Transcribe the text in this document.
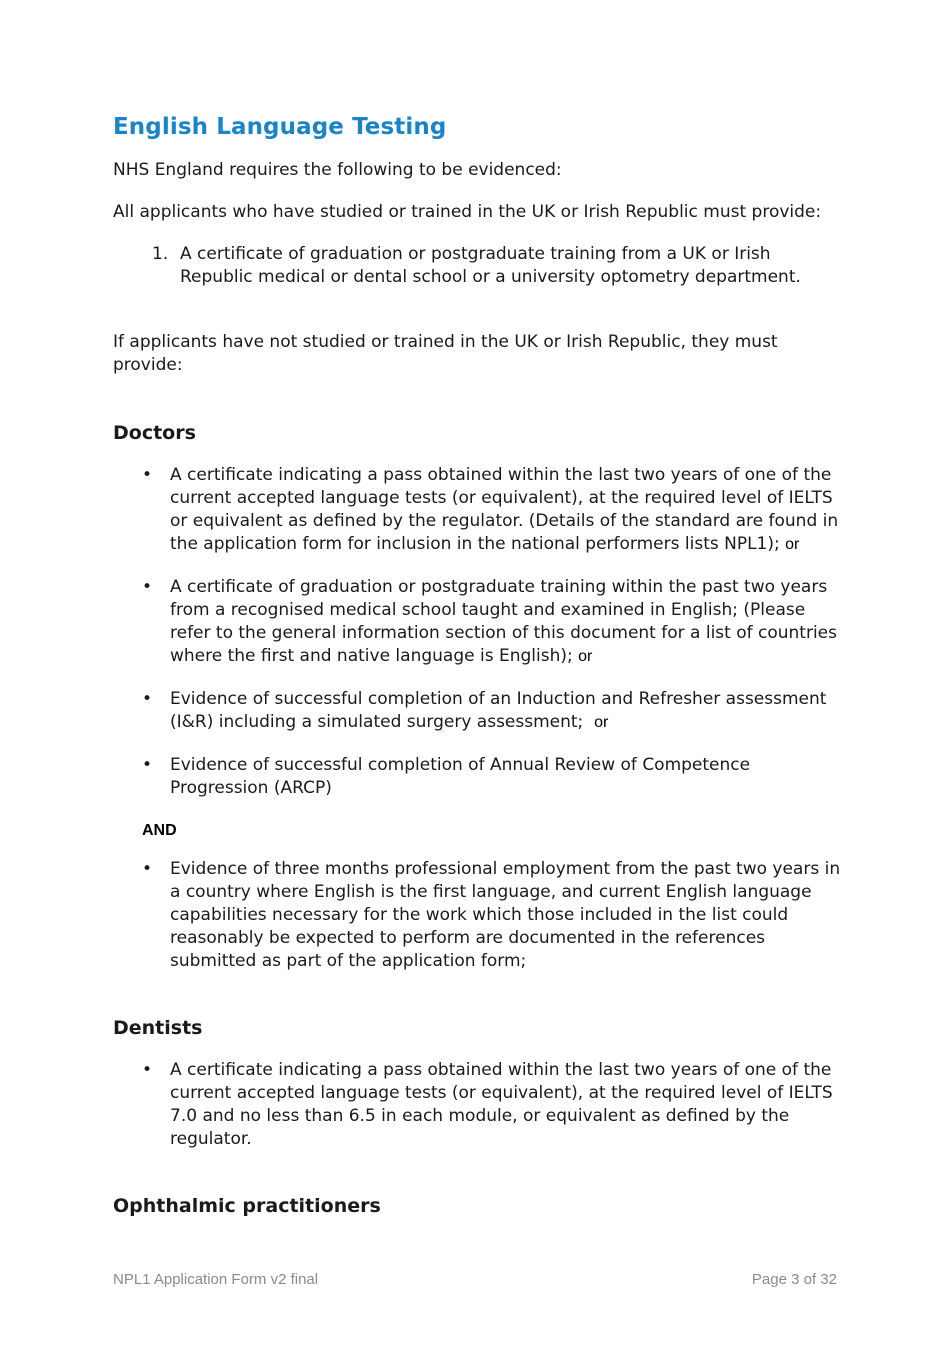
English Language Testing

NHS England requires the following to be evidenced:

All applicants who have studied or trained in the UK or Irish Republic must provide:

1. A certificate of graduation or postgraduate training from a UK or Irish Republic medical or dental school or a university optometry department.

If applicants have not studied or trained in the UK or Irish Republic, they must provide:

Doctors
• A certificate indicating a pass obtained within the last two years of one of the current accepted language tests (or equivalent), at the required level of IELTS or equivalent as defined by the regulator. (Details of the standard are found in the application form for inclusion in the national performers lists NPL1); or
• A certificate of graduation or postgraduate training within the past two years from a recognised medical school taught and examined in English; (Please refer to the general information section of this document for a list of countries where the first and native language is English); or
• Evidence of successful completion of an Induction and Refresher assessment (I&R) including a simulated surgery assessment; or
• Evidence of successful completion of Annual Review of Competence Progression (ARCP)
AND
• Evidence of three months professional employment from the past two years in a country where English is the first language, and current English language capabilities necessary for the work which those included in the list could reasonably be expected to perform are documented in the references submitted as part of the application form;
Dentists
• A certificate indicating a pass obtained within the last two years of one of the current accepted language tests (or equivalent), at the required level of IELTS 7.0 and no less than 6.5 in each module, or equivalent as defined by the regulator.
Ophthalmic practitioners
NPL1 Application Form v2 final	Page 3 of 32
